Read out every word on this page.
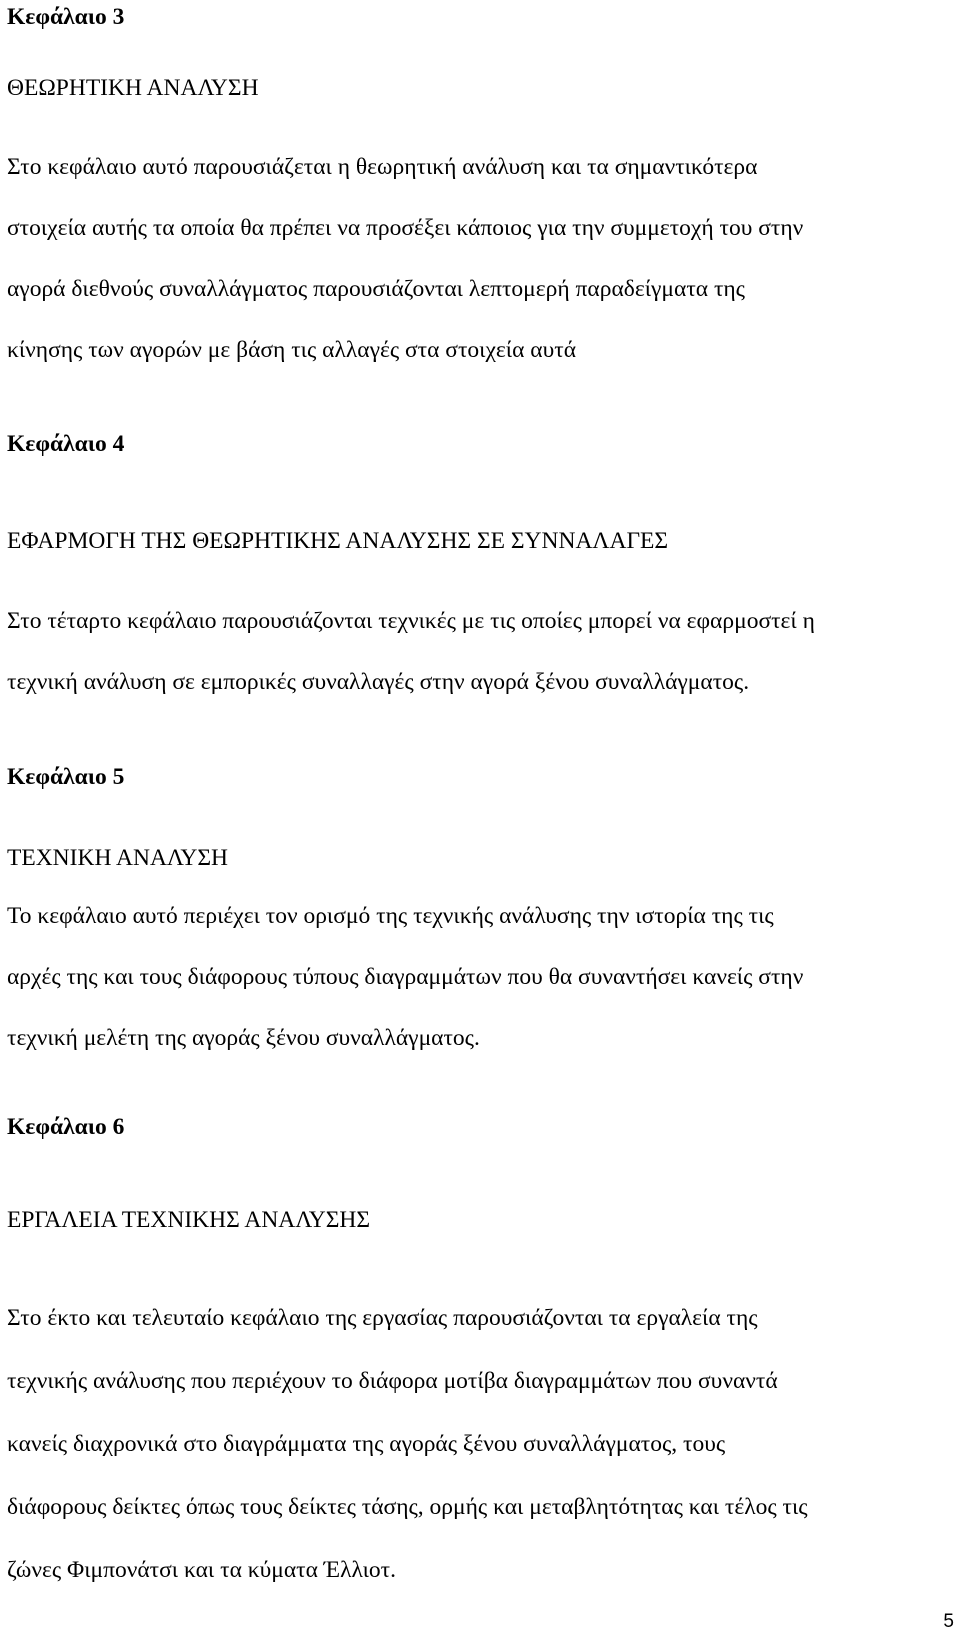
Κεφάλαιο 3

ΘΕΩΡΗΤΙΚΗ ΑΝΑΛΥΣΗ

Στο κεφάλαιο αυτό παρουσιάζεται η θεωρητική ανάλυση και τα σημαντικότερα

στοιχεία αυτής τα οποία θα πρέπει να προσέξει κάποιος για την συμμετοχή του στην

αγορά διεθνούς συναλλάγματος παρουσιάζονται λεπτομερή παραδείγματα της

κίνησης των αγορών με βάση τις αλλαγές στα στοιχεία αυτά

Κεφάλαιο 4

ΕΦΑΡΜΟΓΗ ΤΗΣ ΘΕΩΡΗΤΙΚΗΣ ΑΝΑΛΥΣΗΣ ΣΕ ΣΥΝΝΑΛΑΓΕΣ

Στο τέταρτο κεφάλαιο παρουσιάζονται τεχνικές με τις οποίες μπορεί να εφαρμοστεί η

τεχνική ανάλυση σε εμπορικές συναλλαγές στην αγορά ξένου συναλλάγματος.

Κεφάλαιο 5

ΤΕΧΝΙΚΗ ΑΝΑΛΥΣΗ

Το κεφάλαιο αυτό περιέχει τον ορισμό της τεχνικής ανάλυσης την ιστορία της τις

αρχές της και τους διάφορους τύπους διαγραμμάτων που θα συναντήσει κανείς στην

τεχνική μελέτη της αγοράς ξένου συναλλάγματος.

Κεφάλαιο 6

ΕΡΓΑΛΕΙΑ ΤΕΧΝΙΚΗΣ ΑΝΑΛΥΣΗΣ

Στο έκτο και τελευταίο κεφάλαιο της εργασίας παρουσιάζονται τα εργαλεία της

τεχνικής ανάλυσης που περιέχουν το διάφορα μοτίβα διαγραμμάτων που συναντά

κανείς διαχρονικά στο διαγράμματα της αγοράς ξένου συναλλάγματος, τους

διάφορους δείκτες όπως τους δείκτες τάσης, ορμής και μεταβλητότητας και τέλος τις

ζώνες Φιμπονάτσι και τα κύματα Έλλιοτ.

5
